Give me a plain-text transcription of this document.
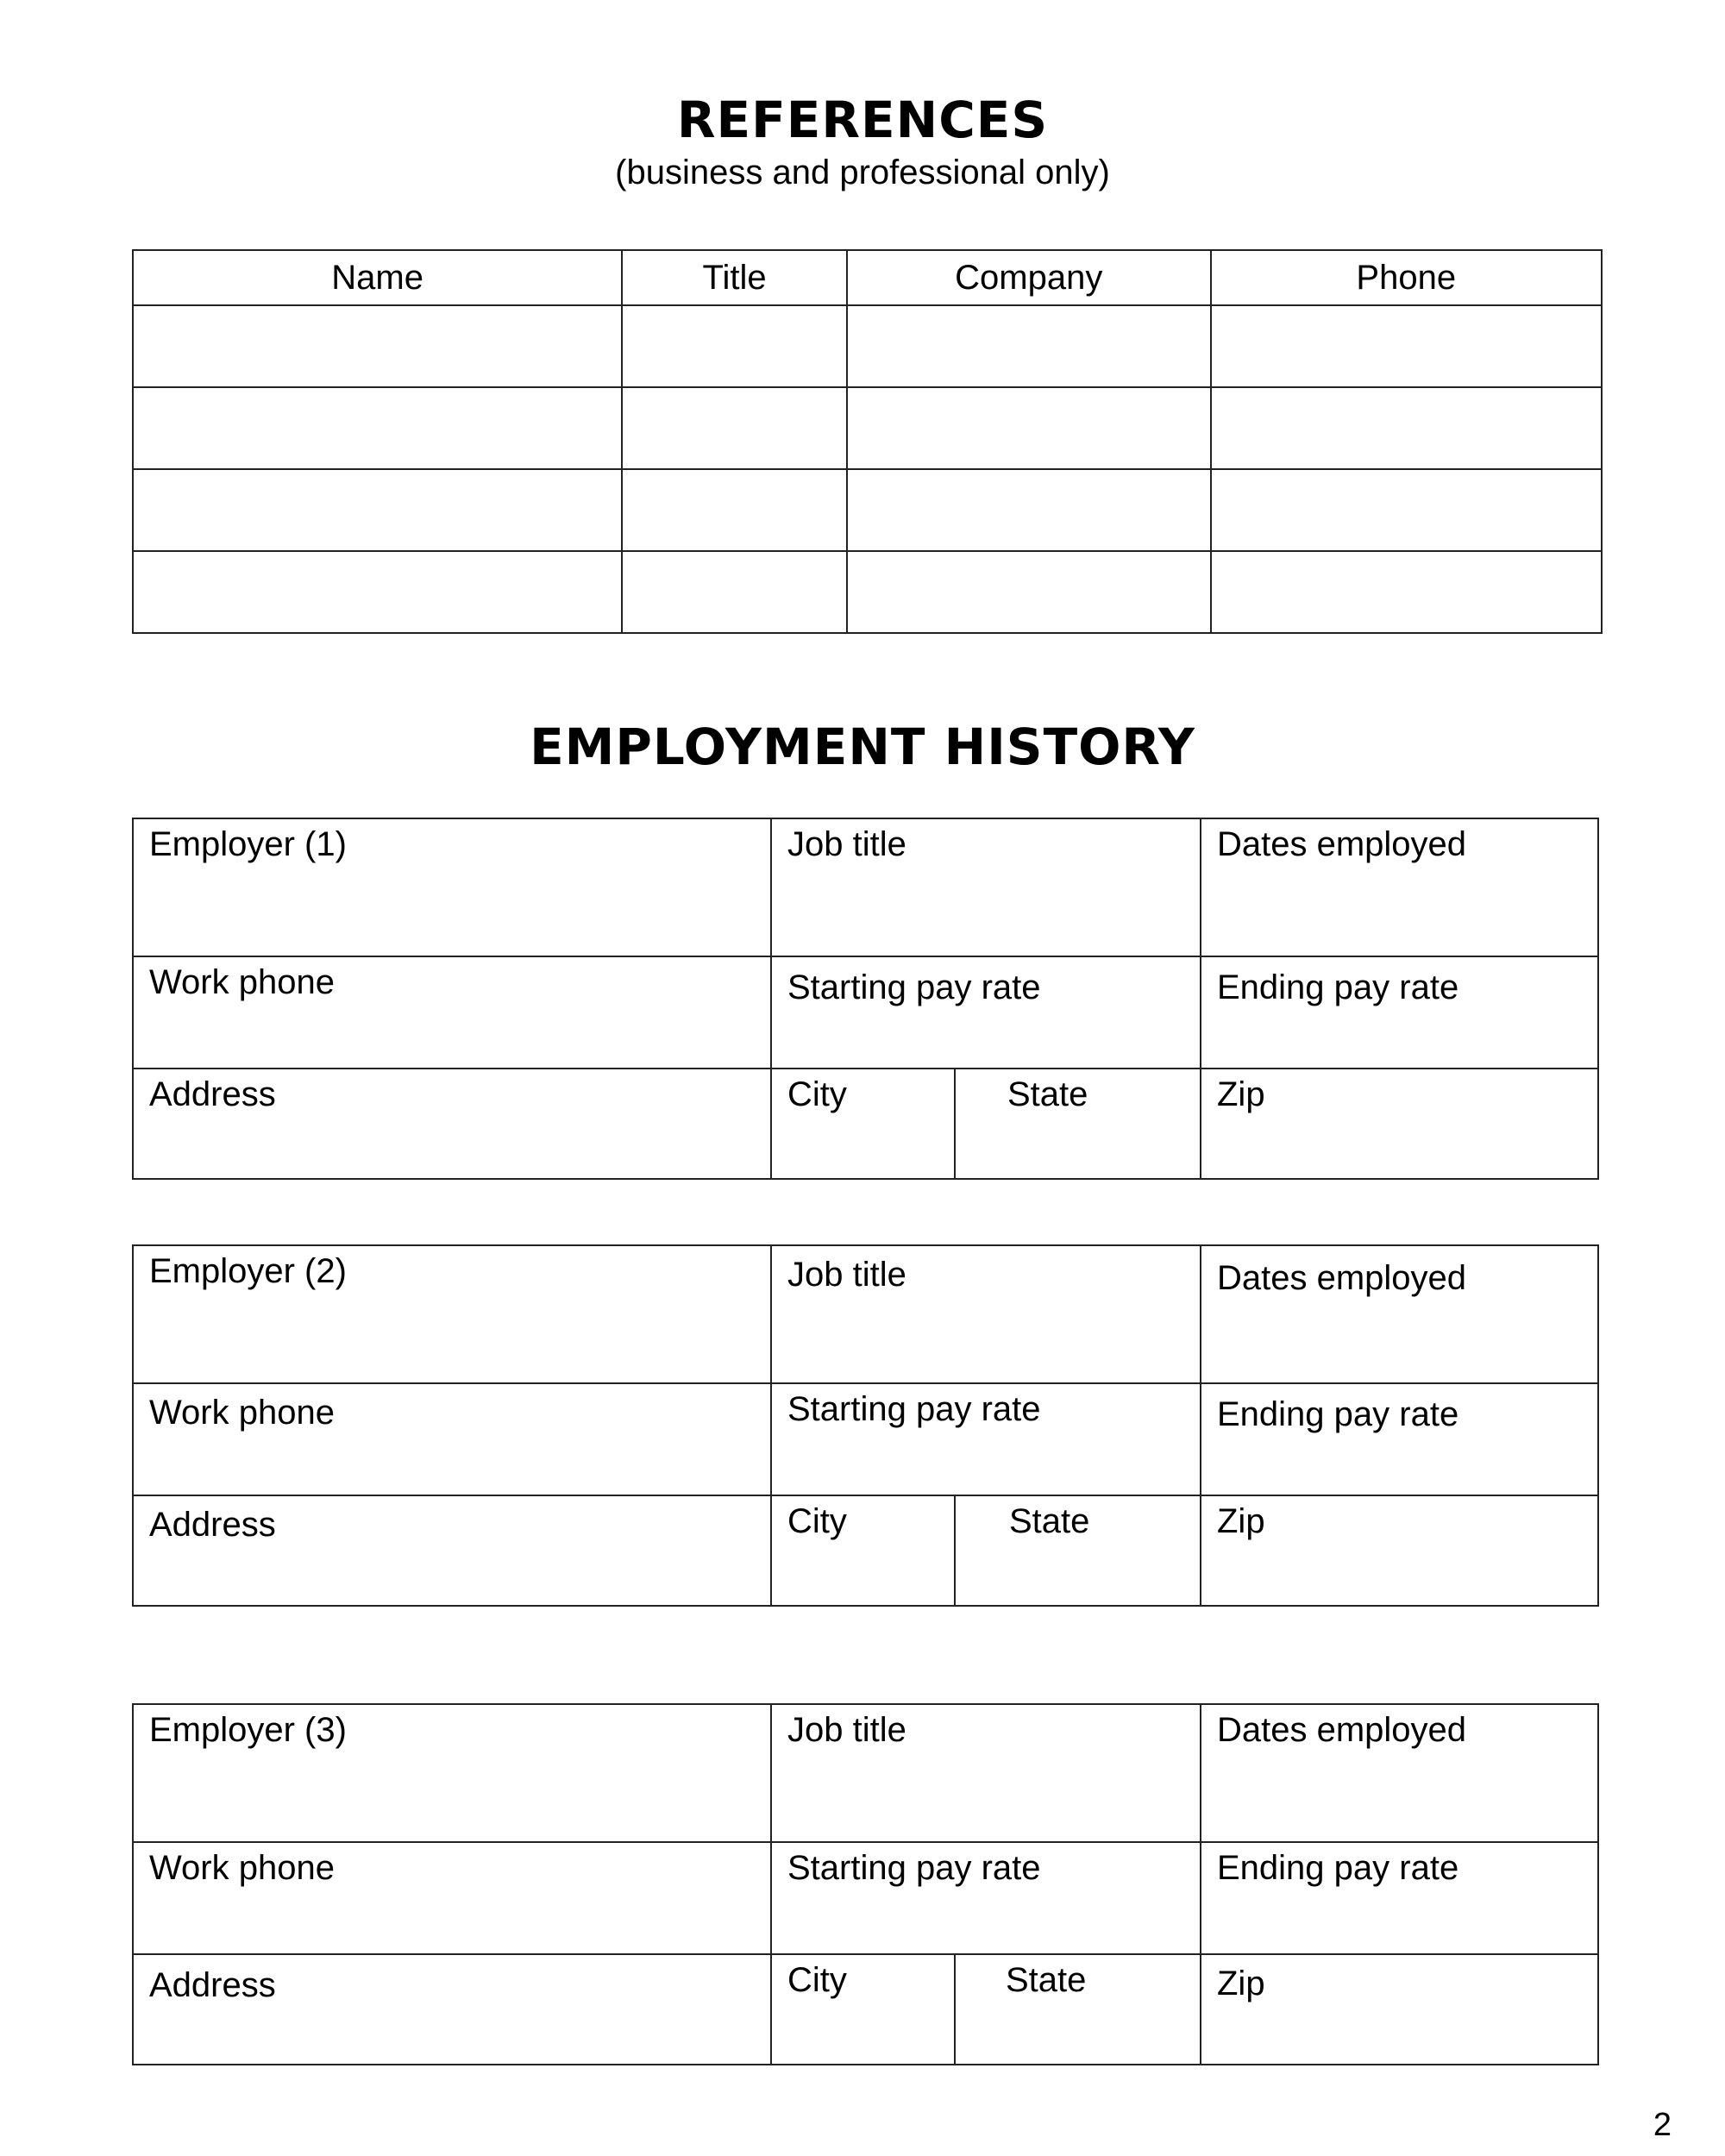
REFERENCES
(business and professional only)
Name	Title	Company	Phone

EMPLOYMENT HISTORY
Employer (1)	Job title	Dates employed
Work phone	Starting pay rate	Ending pay rate
Address	City	State	Zip
Employer (2)	Job title	Dates employed
Work phone	Starting pay rate	Ending pay rate
Address	City	State	Zip
Employer (3)	Job title	Dates employed
Work phone	Starting pay rate	Ending pay rate
Address	City	State	Zip
2
